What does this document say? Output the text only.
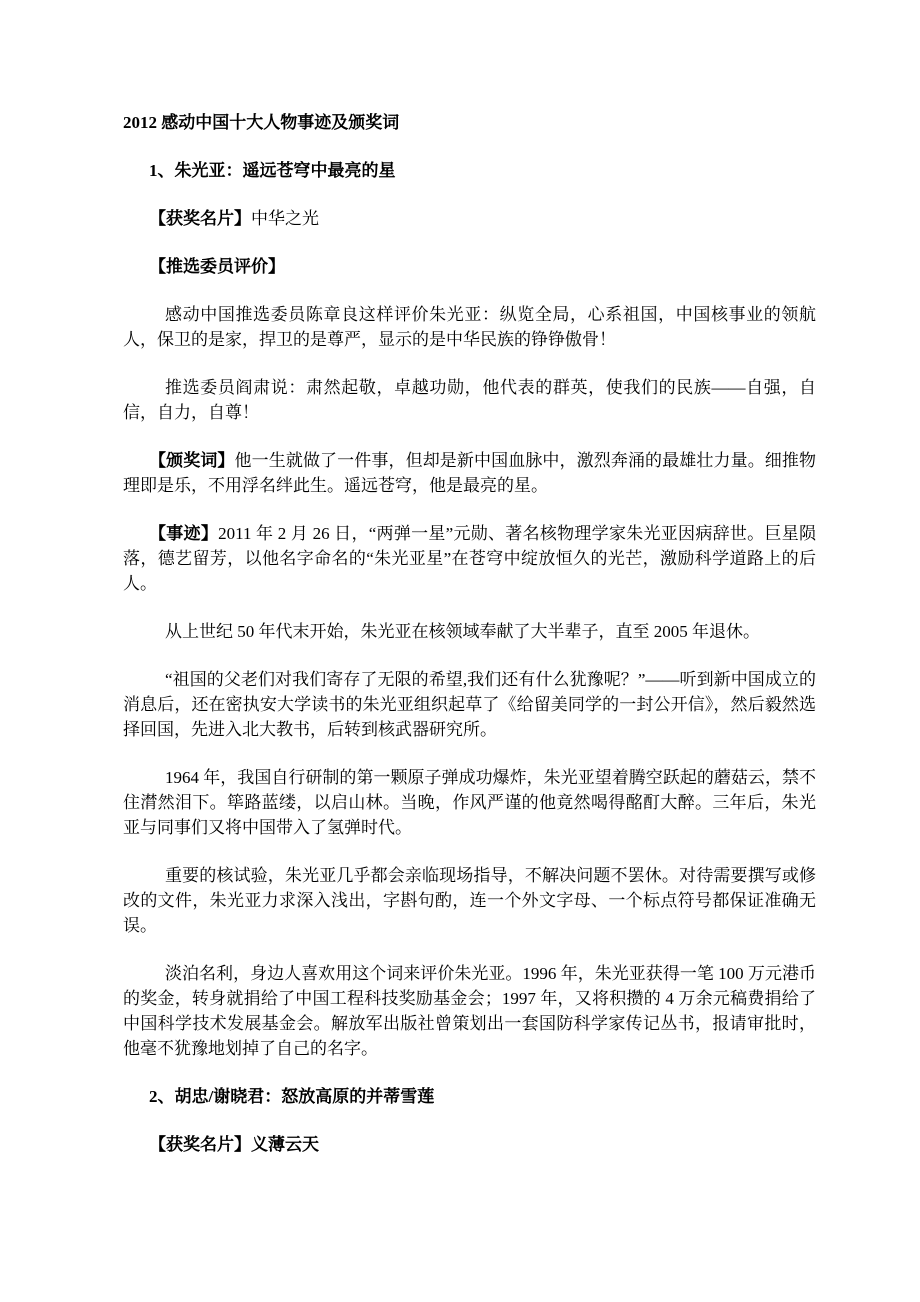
2012 感动中国十大人物事迹及颁奖词

1、朱光亚：遥远苍穹中最亮的星

【获奖名片】中华之光

【推选委员评价】

感动中国推选委员陈章良这样评价朱光亚：纵览全局，心系祖国，中国核事业的领航人，保卫的是家，捍卫的是尊严，显示的是中华民族的铮铮傲骨！

推选委员阎肃说：肃然起敬，卓越功勋，他代表的群英，使我们的民族——自强，自信，自力，自尊！

【颁奖词】他一生就做了一件事，但却是新中国血脉中，激烈奔涌的最雄壮力量。细推物理即是乐，不用浮名绊此生。遥远苍穹，他是最亮的星。

【事迹】2011 年 2 月 26 日，“两弹一星”元勋、著名核物理学家朱光亚因病辞世。巨星陨落，德艺留芳，以他名字命名的“朱光亚星”在苍穹中绽放恒久的光芒，激励科学道路上的后人。

从上世纪 50 年代末开始，朱光亚在核领域奉献了大半辈子，直至 2005 年退休。

“祖国的父老们对我们寄存了无限的希望,我们还有什么犹豫呢？”——听到新中国成立的消息后，还在密执安大学读书的朱光亚组织起草了《给留美同学的一封公开信》，然后毅然选择回国，先进入北大教书，后转到核武器研究所。

1964 年，我国自行研制的第一颗原子弹成功爆炸，朱光亚望着腾空跃起的蘑菇云，禁不住潸然泪下。筚路蓝缕，以启山林。当晚，作风严谨的他竟然喝得酩酊大醉。三年后，朱光亚与同事们又将中国带入了氢弹时代。

重要的核试验，朱光亚几乎都会亲临现场指导，不解决问题不罢休。对待需要撰写或修改的文件，朱光亚力求深入浅出，字斟句酌，连一个外文字母、一个标点符号都保证准确无误。

淡泊名利，身边人喜欢用这个词来评价朱光亚。1996 年，朱光亚获得一笔 100 万元港币的奖金，转身就捐给了中国工程科技奖励基金会；1997 年，又将积攒的 4 万余元稿费捐给了中国科学技术发展基金会。解放军出版社曾策划出一套国防科学家传记丛书，报请审批时，他毫不犹豫地划掉了自己的名字。

2、胡忠/谢晓君：怒放高原的并蒂雪莲

【获奖名片】义薄云天
